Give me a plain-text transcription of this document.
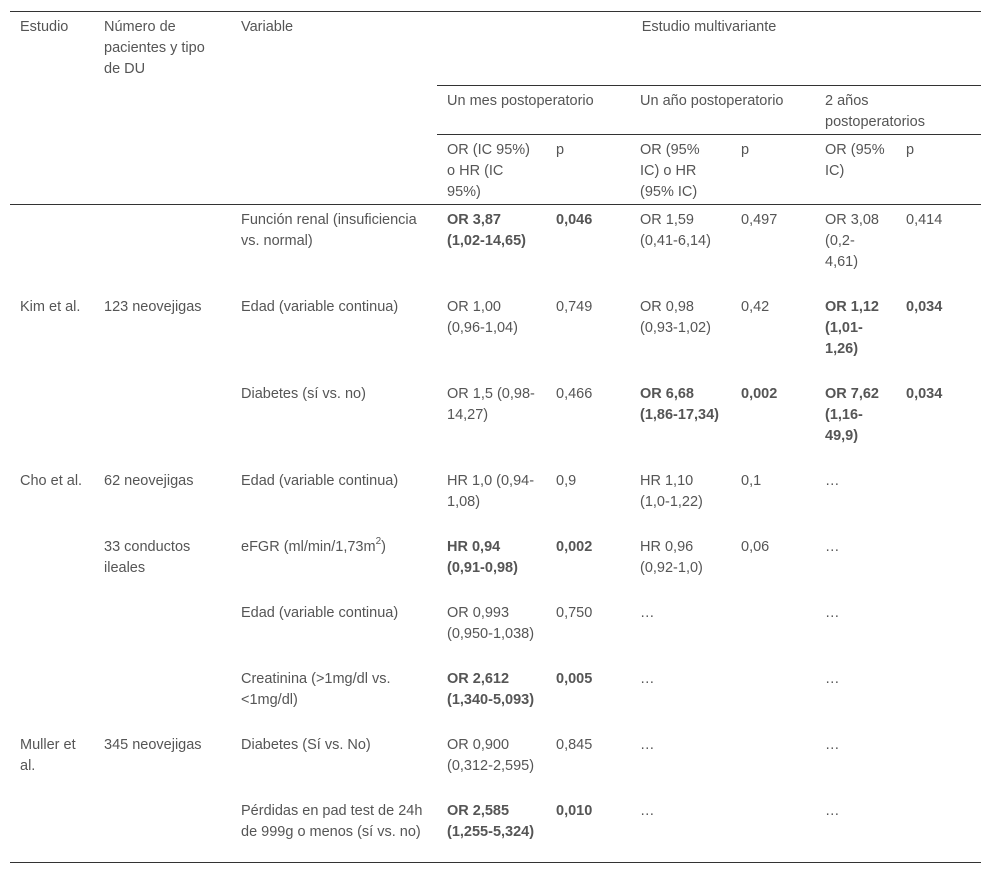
Estudio	Número de pacientes y tipo de DU	Variable	Estudio multivariante					
			Un mes postoperatorio		Un año postoperatorio		2 años postoperatorios	
			OR (IC 95%) o HR (IC 95%)	p	OR (95% IC) o HR (95% IC)	p	OR (95% IC)	p
		Función renal (insuficiencia vs. normal)	OR 3,87 (1,02-14,65)	0,046	OR 1,59 (0,41-6,14)	0,497	OR 3,08 (0,2-4,61)	0,414
Kim et al.	123 neovejigas	Edad (variable continua)	OR 1,00 (0,96-1,04)	0,749	OR 0,98 (0,93-1,02)	0,42	OR 1,12 (1,01-1,26)	0,034
		Diabetes (sí vs. no)	OR 1,5 (0,98-14,27)	0,466	OR 6,68 (1,86-17,34)	0,002	OR 7,62 (1,16-49,9)	0,034
Cho et al.	62 neovejigas	Edad (variable continua)	HR 1,0 (0,94-1,08)	0,9	HR 1,10 (1,0-1,22)	0,1	…	
	33 conductos ileales	eFGR $(ml/\min/1,73m^2)$	HR 0,94 (0,91-0,98)	0,002	HR 0,96 (0,92-1,0)	0,06	…	
		Edad (variable continua)	OR 0,993 (0,950-1,038)	0,750	…		…	
		Creatinina (>1mg/dl vs.<1mg/dl)	OR 2,612 (1,340-5,093)	0,005	…		…	
Muller et al.	345 neovejigas	Diabetes (Sí vs. No)	OR 0,900 (0,312-2,595)	0,845	…		…	
		Pérdidas en pad test de 24h de 999g o menos (sí vs. no)	OR 2,585 (1,255-5,324)	0,010	…		…	
